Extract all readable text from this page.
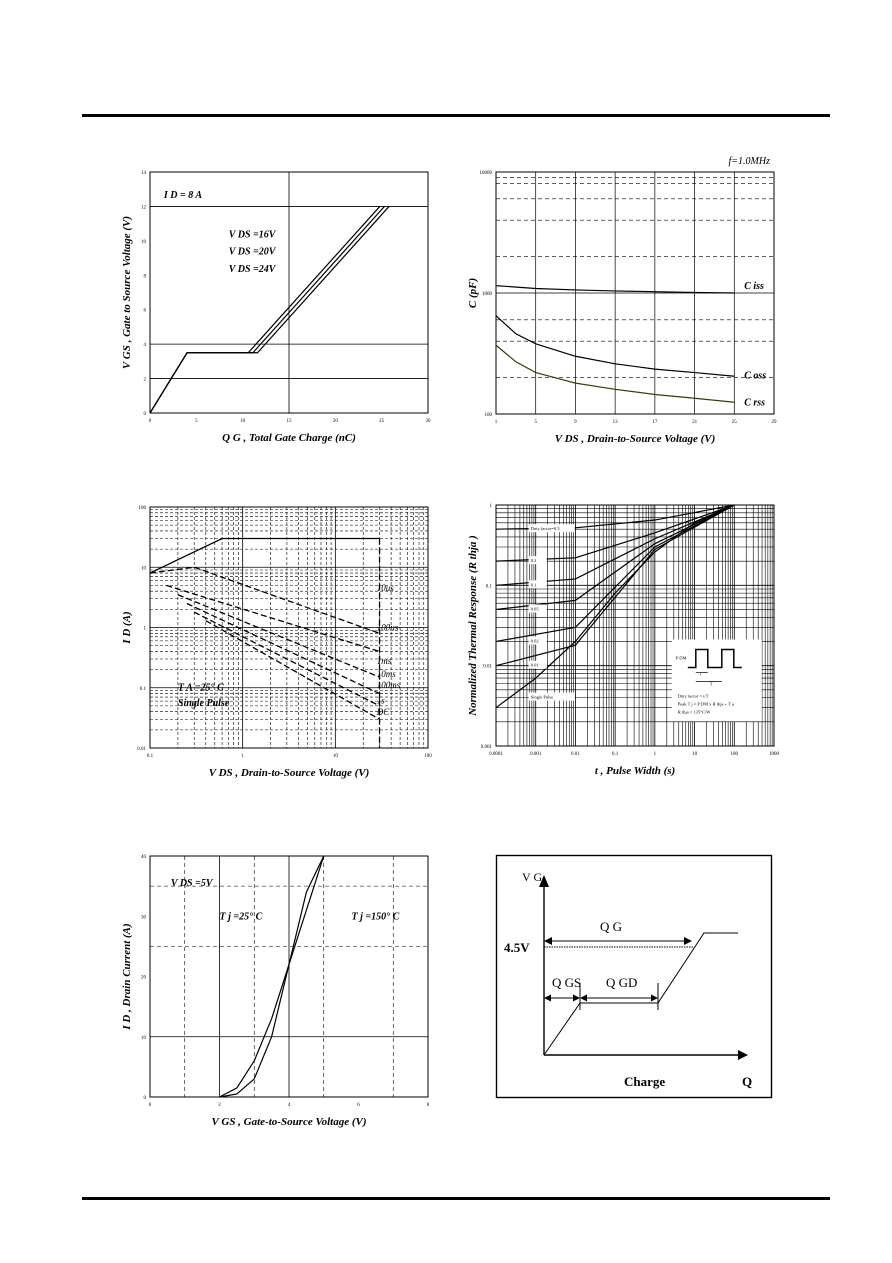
0	5	10	15	20	25	30
0
2
4
6
8
10
12
14
Q G , Total Gate Charge (nC)
V GS , Gate to Source Voltage (V)
I D = 8 A
V DS =16V
V DS =20V
V DS =24V
1	5	9	13	17	21	25	29
100
1000
10000
V DS , Drain-to-Source Voltage (V)
C (pF)
f=1.0MHz
C iss
C oss
C rss
0.1	1	10	100
0.01
0.1
1
10
100
V DS , Drain-to-Source Voltage (V)
I D (A)
10us
100us
1ms
10ms
100ms
1s
DC
T A =25° C
Single Pulse
0.0001	0.001	0.01	0.1	1	10	100	1000
0.001
0.01
0.1
1
t , Pulse Width (s)
Normalized Thermal Response (R thja )
Duty factor=0.5
0.2
0.1
0.05
0.02
0.01
Single Pulse
P DM
t
T
Duty factor = t/T
Peak T j = P DM x R thja + T a
R thja = 135°C/W
0	2	4	6	8
0
10
20
30
40
V GS , Gate-to-Source Voltage (V)
I D , Drain Current (A)
V DS =5V
T j =25° C	T j =150° C
V G
4.5V
Q G
Q GS Q GD
Charge	Q
